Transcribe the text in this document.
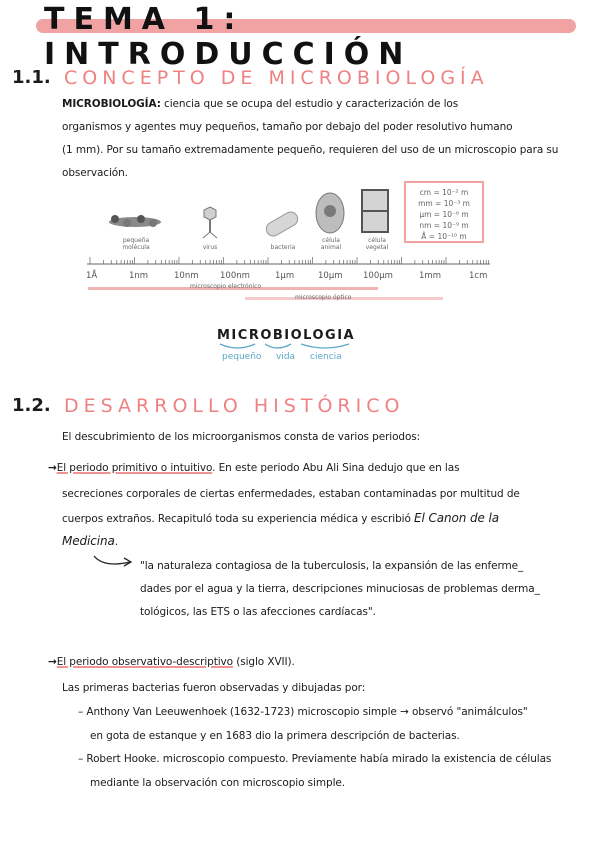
TEMA 1: INTRODUCCIÓN
1.1. CONCEPTO DE MICROBIOLOGÍA
MICROBIOLOGÍA: ciencia que se ocupa del estudio y caracterización de los
organismos y agentes muy pequeños, tamaño por debajo del poder resolutivo humano
(1 mm). Por su tamaño extremadamente pequeño, requieren del uso de un microscopio para su
observación.
pequeña molécula	virus	bacteria
célula animal
célula vegetal
cm = 10⁻² m
mm = 10⁻³ m
μm = 10⁻⁶ m
nm = 10⁻⁹ m
Å = 10⁻¹⁰ m
1Å	1nm	10nm	100nm	1μm	10μm 100μm	1mm	1cm
microscopio electrónico
microscopio óptico
MICROBIOLOGIA
pequeño vida ciencia
1.2. DESARROLLO HISTÓRICO
El descubrimiento de los microorganismos consta de varios periodos:
→El periodo primitivo o intuitivo. En este periodo Abu Ali Sina dedujo que en las
secreciones corporales de ciertas enfermedades, estaban contaminadas por multitud de
cuerpos extraños. Recapituló toda su experiencia médica y escribió El Canon de la
Medicina.
"la naturaleza contagiosa de la tuberculosis, la expansión de las enferme_
dades por el agua y la tierra, descripciones minuciosas de problemas derma_
tológicos, las ETS o las afecciones cardíacas".
→El periodo observativo-descriptivo (siglo XVII).
Las primeras bacterias fueron observadas y dibujadas por:
– Anthony Van Leeuwenhoek (1632-1723) microscopio simple → observó "animálculos"
en gota de estanque y en 1683 dio la primera descripción de bacterias.
– Robert Hooke. microscopio compuesto. Previamente había mirado la existencia de células
mediante la observación con microscopio simple.
